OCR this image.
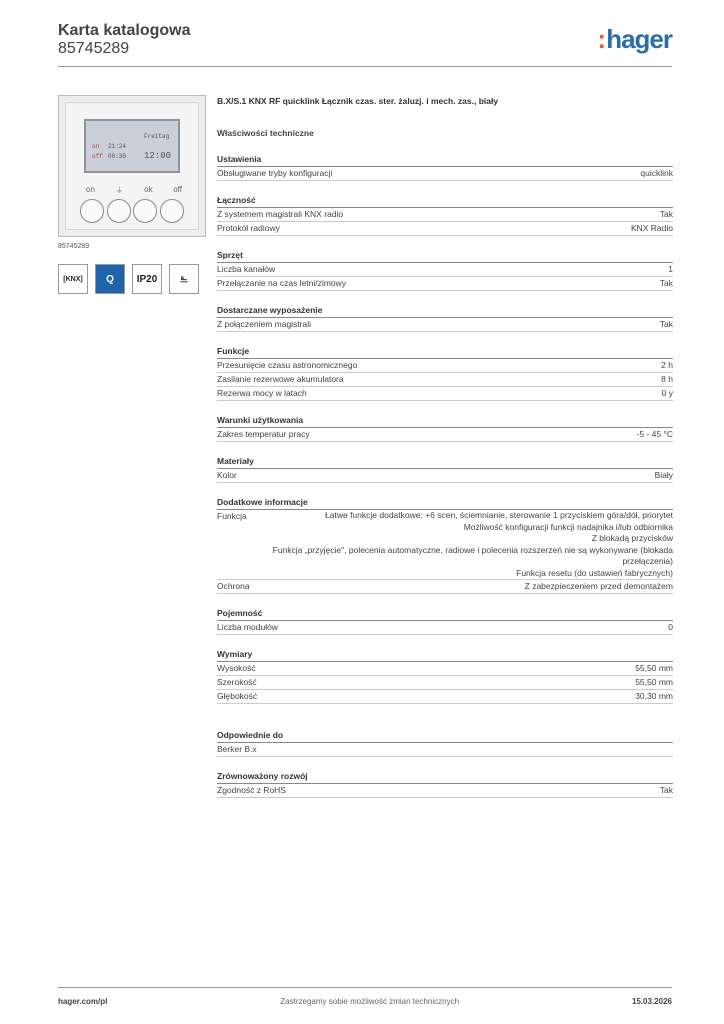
Karta katalogowa
85745289	:hager
on 21:24
Freitag
off 08:30 12:00
on	⏚	ok	off
85745289
[KNX]	Q	IP20	⎁
B.X/S.1 KNX RF quicklink Łącznik czas. ster. żaluzj. i mech. zas., biały
Właściwości techniczne
Ustawienia
Obsługiwane tryby konfiguracji	quicklink
Łączność
Z systemem magistrali KNX radio	Tak
Protokół radiowy	KNX Radio
Sprzęt
Liczba kanałów	1
Przełączanie na czas letni/zimowy	Tak
Dostarczane wyposażenie
Z połączeniem magistrali	Tak
Funkcje
Przesunięcie czasu astronomicznego	2 h
Zasilanie rezerwowe akumulatora	8 h
Rezerwa mocy w latach	0 y
Warunki użytkowania
Zakres temperatur pracy	-5 - 45 °C
Materiały
Kolor	Biały
Dodatkowe informacje
Funkcja	Łatwe funkcje dodatkowe: +6 scen, ściemnianie, sterowanie 1 przyciskiem góra/dół, priorytet
Możliwość konfiguracji funkcji nadajnika i/lub odbiornika
Z blokadą przycisków
Funkcja „przyjęcie", polecenia automatyczne, radiowe i polecenia rozszerzeń nie są wykonywane (blokada przełączenia)
Funkcja resetu (do ustawień fabrycznych)
Ochrona	Z zabezpieczeniem przed demontażem
Pojemność
Liczba modułów	0
Wymiary
Wysokość	55,50 mm
Szerokość	55,50 mm
Głębokość	30,30 mm
Odpowiednie do
Berker B.x
Zrównoważony rozwój
Zgodność z RoHS	Tak
hager.com/pl	Zastrzegamy sobie możliwość zmian technicznych	15.03.2026
